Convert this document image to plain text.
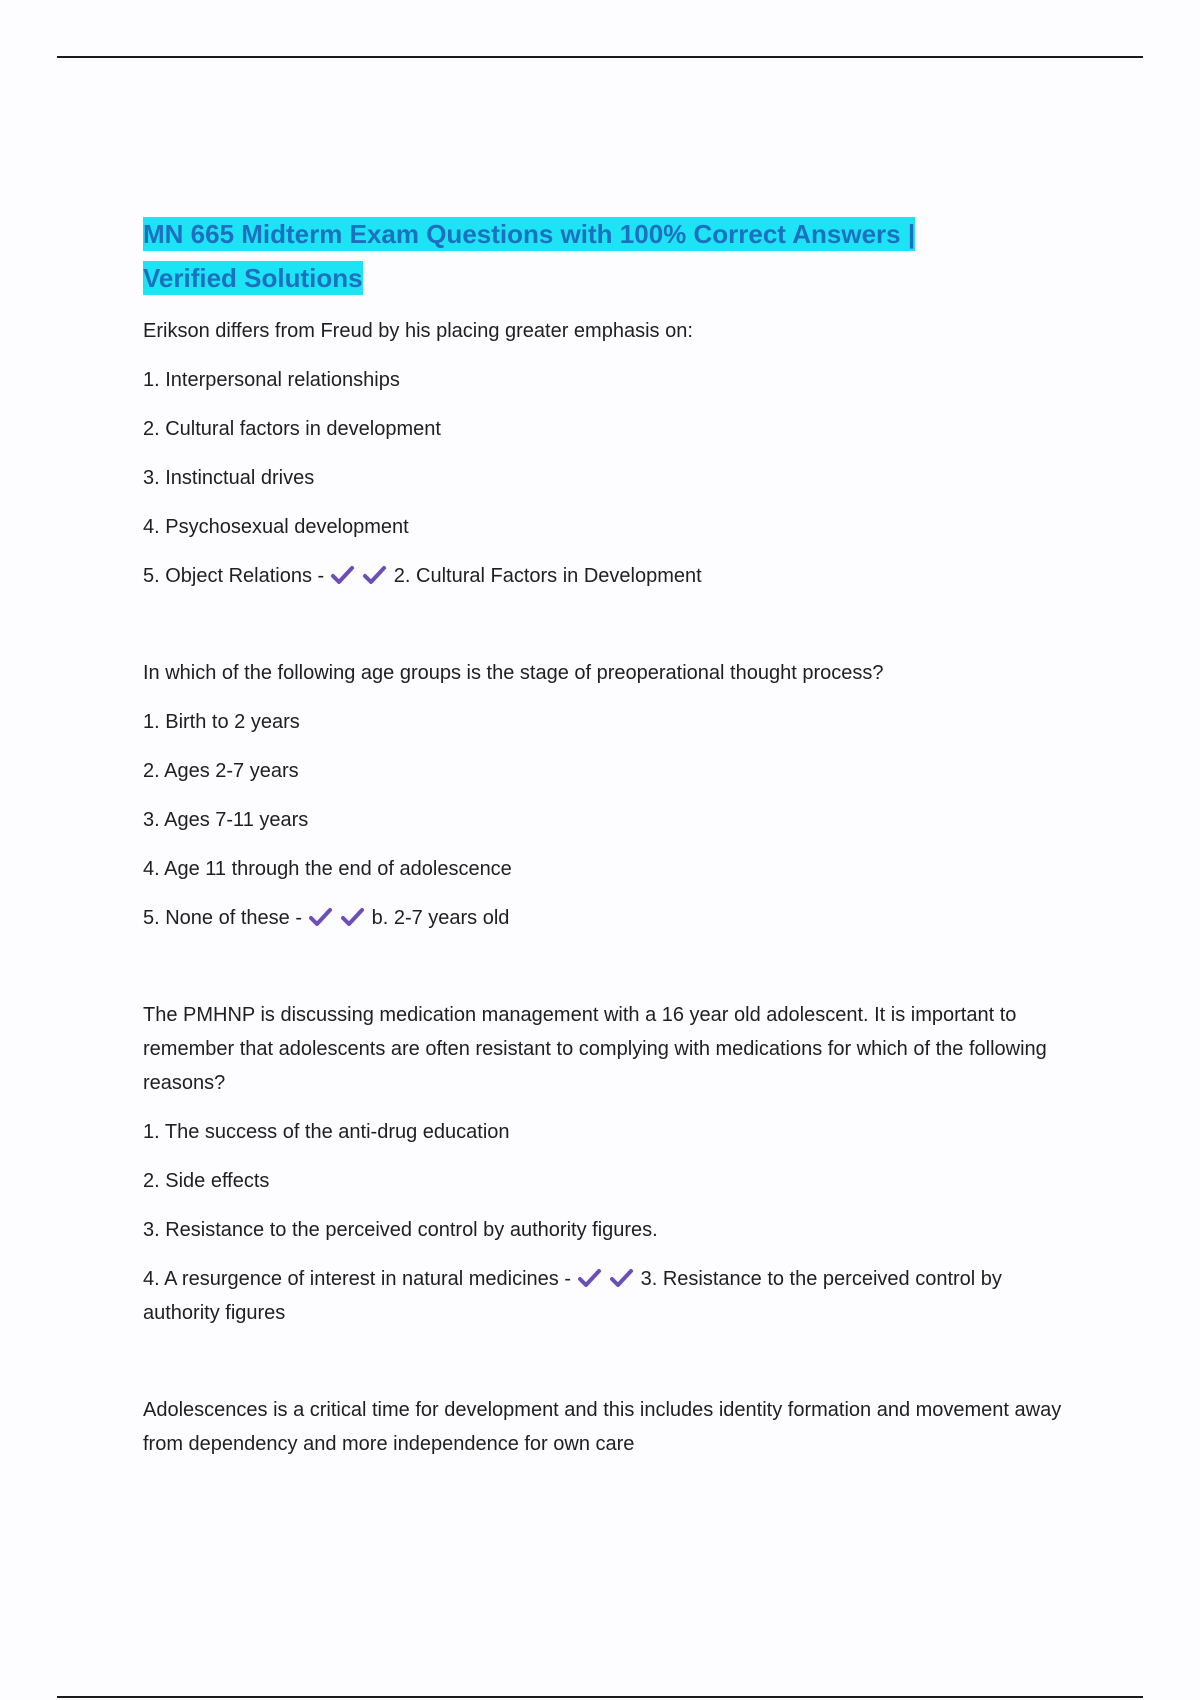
MN 665 Midterm Exam Questions with 100% Correct Answers |
Verified Solutions

Erikson differs from Freud by his placing greater emphasis on:

1. Interpersonal relationships

2. Cultural factors in development

3. Instinctual drives

4. Psychosexual development

5. Object Relations -	2. Cultural Factors in Development

In which of the following age groups is the stage of preoperational thought process?

1. Birth to 2 years

2. Ages 2-7 years

3. Ages 7-11 years

4. Age 11 through the end of adolescence

5. None of these -	b. 2-7 years old

The PMHNP is discussing medication management with a 16 year old adolescent. It is important to remember that adolescents are often resistant to complying with medications for which of the following reasons?

1. The success of the anti-drug education

2. Side effects

3. Resistance to the perceived control by authority figures.

4. A resurgence of interest in natural medicines -	3. Resistance to the perceived control by authority figures

Adolescences is a critical time for development and this includes identity formation and movement away from dependency and more independence for own care
